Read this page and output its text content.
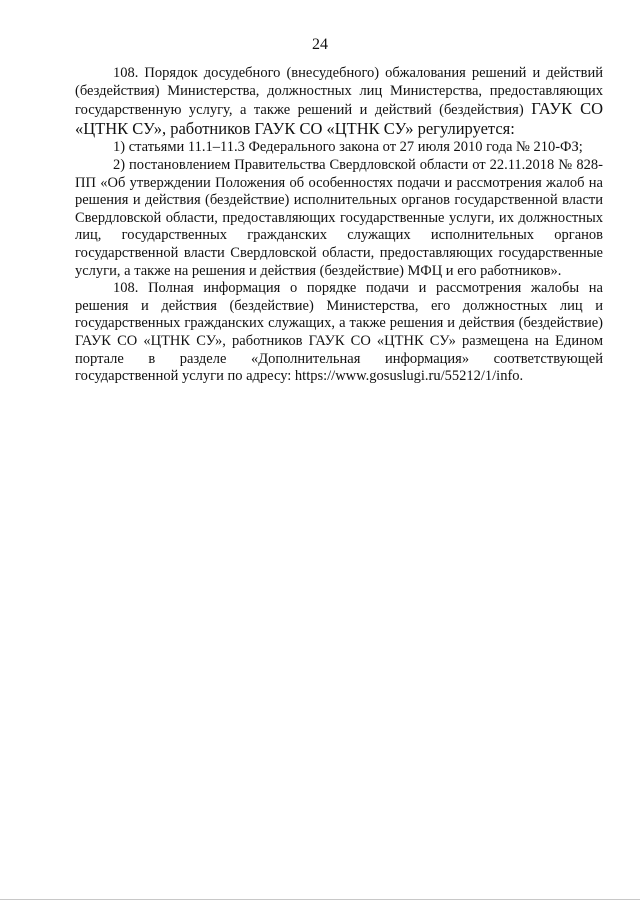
24

108. Порядок досудебного (внесудебного) обжалования решений и действий (бездействия) Министерства, должностных лиц Министерства, предоставляющих государственную услугу, а также решений и действий (бездействия) ГАУК СО «ЦТНК СУ», работников ГАУК СО «ЦТНК СУ» регулируется:

1) статьями 11.1–11.3 Федерального закона от 27 июля 2010 года № 210-ФЗ;

2) постановлением Правительства Свердловской области от 22.11.2018 № 828-ПП «Об утверждении Положения об особенностях подачи и рассмотрения жалоб на решения и действия (бездействие) исполнительных органов государственной власти Свердловской области, предоставляющих государственные услуги, их должностных лиц, государственных гражданских служащих исполнительных органов государственной власти Свердловской области, предоставляющих государственные услуги, а также на решения и действия (бездействие) МФЦ и его работников».

108. Полная информация о порядке подачи и рассмотрения жалобы на решения и действия (бездействие) Министерства, его должностных лиц и государственных гражданских служащих, а также решения и действия (бездействие) ГАУК СО «ЦТНК СУ», работников ГАУК СО «ЦТНК СУ» размещена на Едином портале в разделе «Дополнительная информация» соответствующей государственной услуги по адресу: https://www.gosuslugi.ru/55212/1/info.
